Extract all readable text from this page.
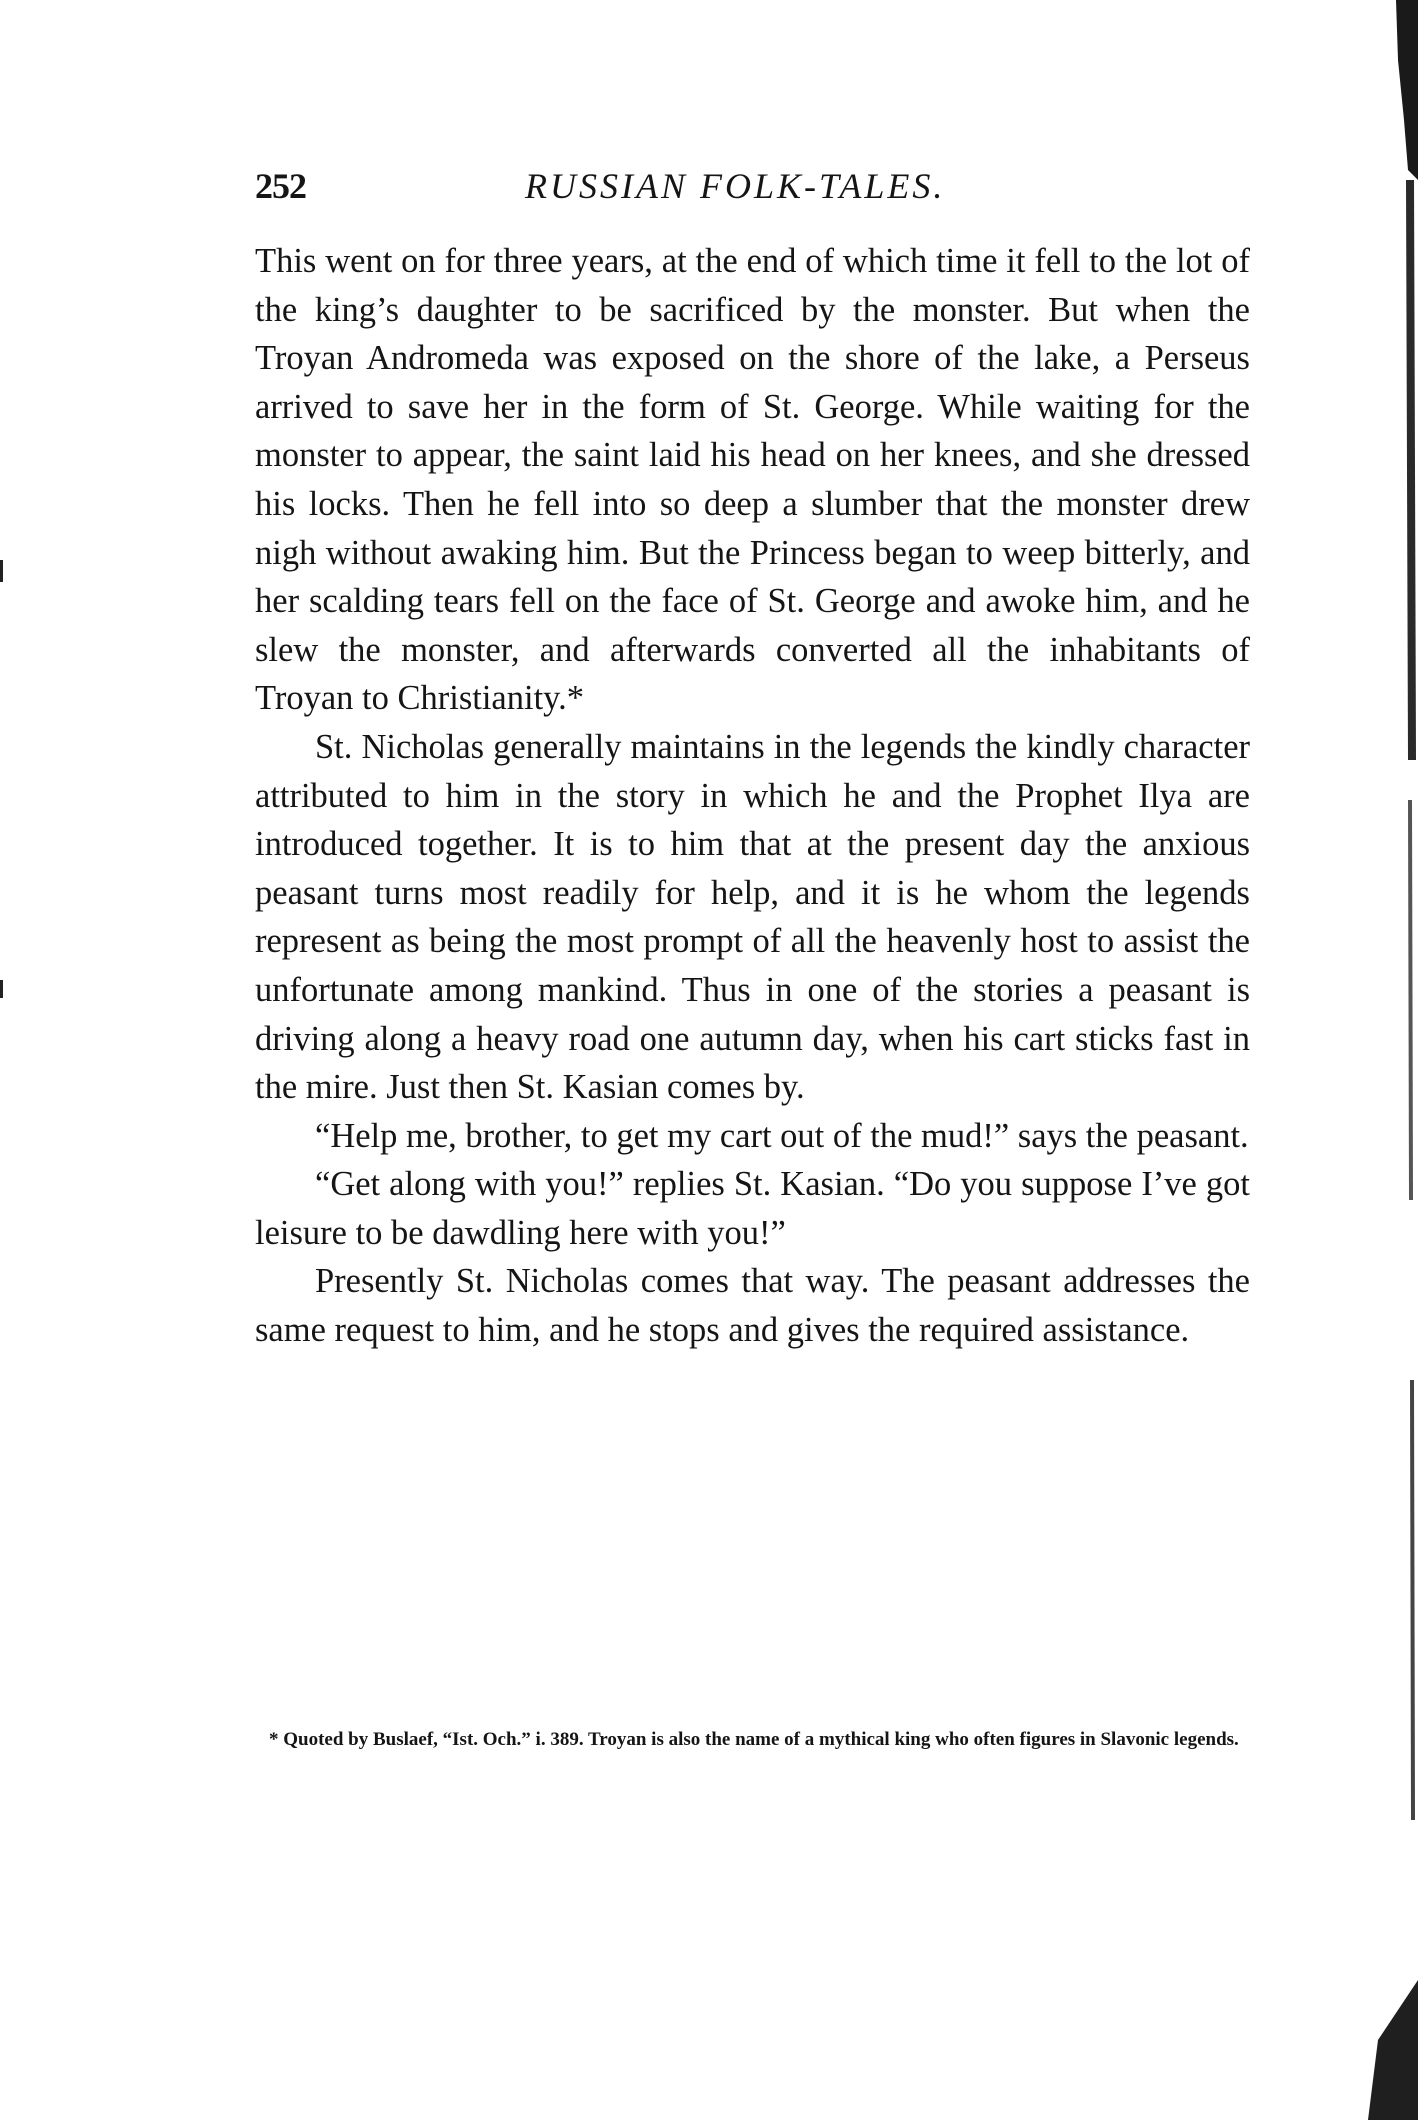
252	RUSSIAN FOLK-TALES.

This went on for three years, at the end of which time it fell to the lot of the king’s daughter to be sacrificed by the monster. But when the Troyan Andromeda was exposed on the shore of the lake, a Perseus arrived to save her in the form of St. George. While waiting for the monster to appear, the saint laid his head on her knees, and she dressed his locks. Then he fell into so deep a slumber that the monster drew nigh without awaking him. But the Princess began to weep bitterly, and her scalding tears fell on the face of St. George and awoke him, and he slew the monster, and afterwards converted all the inhabitants of Troyan to Christianity.*

St. Nicholas generally maintains in the legends the kindly character attributed to him in the story in which he and the Prophet Ilya are introduced together. It is to him that at the present day the anxious peasant turns most readily for help, and it is he whom the legends represent as being the most prompt of all the heavenly host to assist the unfortunate among mankind. Thus in one of the stories a peasant is driving along a heavy road one autumn day, when his cart sticks fast in the mire. Just then St. Kasian comes by.

“Help me, brother, to get my cart out of the mud!” says the peasant.

“Get along with you!” replies St. Kasian. “Do you suppose I’ve got leisure to be dawdling here with you!”

Presently St. Nicholas comes that way. The peasant addresses the same request to him, and he stops and gives the required assistance.

* Quoted by Buslaef, “Ist. Och.” i. 389. Troyan is also the name of a mythical king who often figures in Slavonic legends.
